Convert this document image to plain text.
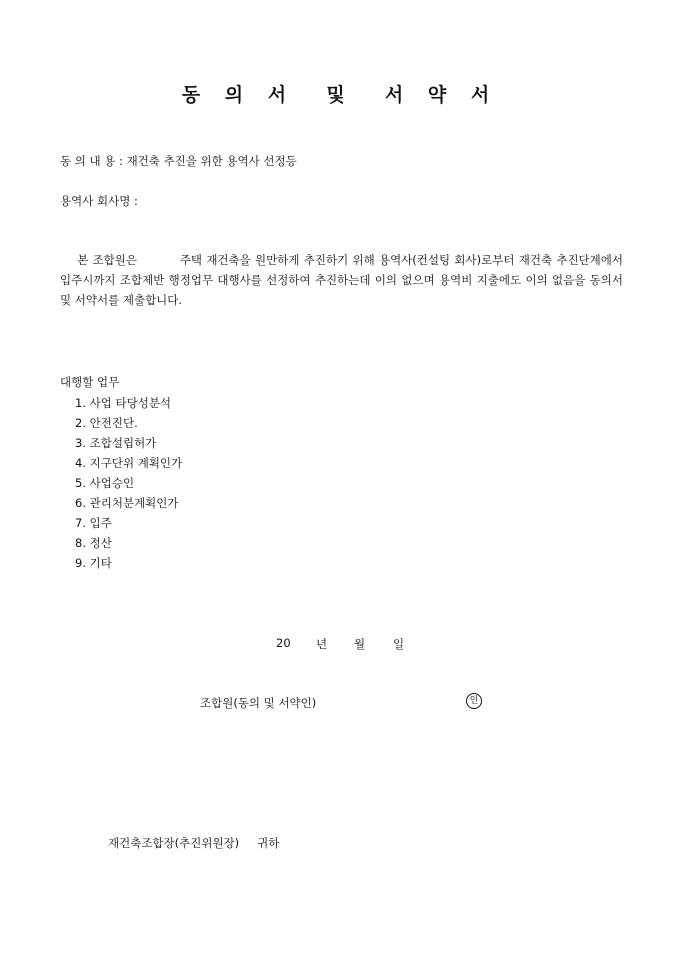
동 의 서  및  서 약 서
동 의 내 용 : 재건축 추진을 위한 용역사 선정등
용역사 회사명 :
본 조합원은          주택 재건축을 원만하게 추진하기 위해 용역사(컨설팅 회사)로부터 재건축 추진단계에서 입주시까지 조합제반 행정업무 대행사를 선정하여 추진하는데 이의 없으며 용역비 지출에도 이의 없음을 동의서 및 서약서를 제출합니다.
대행할 업무
1. 사업 타당성분석
2. 안전진단.
3. 조합설립허가
4. 지구단위 계획인가
5. 사업승인
6. 관리처분계획인가
7. 입주
8. 정산
9. 기타
20 년 월 일
조합원(동의 및 서약인)	인
재건축조합장(추진위원장) 귀하
